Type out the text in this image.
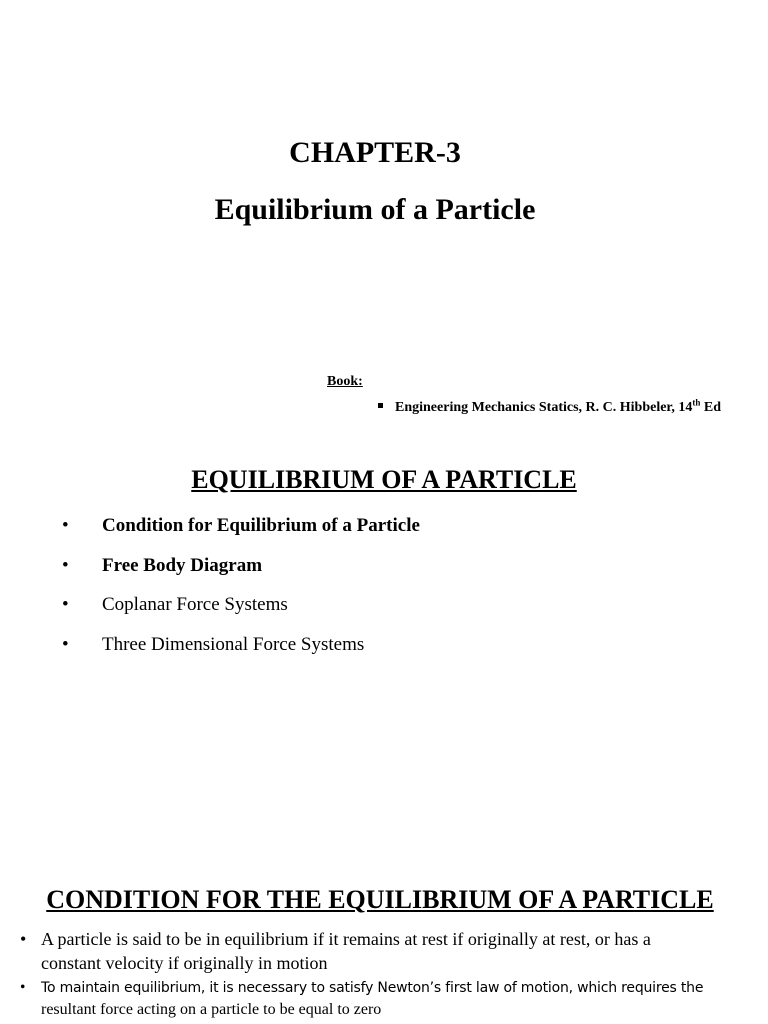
CHAPTER-3
Equilibrium of a Particle
Book:
Engineering Mechanics Statics, R. C. Hibbeler, 14th Ed
EQUILIBRIUM OF A PARTICLE
• Condition for Equilibrium of a Particle
• Free Body Diagram
• Coplanar Force Systems
• Three Dimensional Force Systems
CONDITION FOR THE EQUILIBRIUM OF A PARTICLE
• A particle is said to be in equilibrium if it remains at rest if originally at rest, or has a
constant velocity if originally in motion
•	To maintain equilibrium, it is necessary to satisfy Newton’s first law of motion, which requires the
resultant force acting on a particle to be equal to zero
